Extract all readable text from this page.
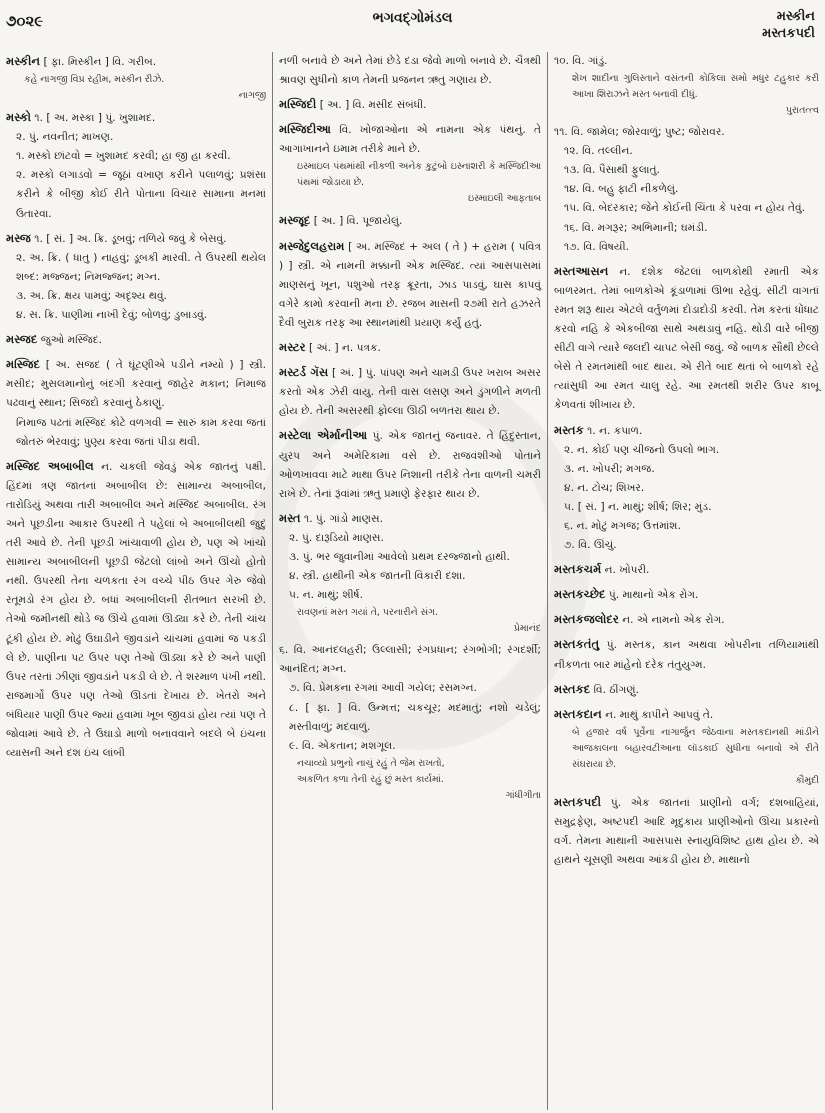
૭૦૨૯	ભગવદ્ગોમંડલ	મસ્કીન
મસ્તકપદી
મસ્કીન [ ફા. મિસ્કીન ] વિ. ગરીબ.
કહે નાગજી વિપ્ર રહીમ, મસ્કીન રીઝે.
નાગજી
મસ્કો ૧. [ અ. મસ્કા ] પું. ખુશામદ.
૨. પું. નવનીત; માખણ.
૧. મસ્કો છાંટવો = ખુશામદ કરવી; હા જી હા કરવી.
૨. મસ્કો લગાડવો = જૂઠાં વખાણ કરીને પલાળવું; પ્રશંસા કરીને કે બીજી કોઈ રીતે પોતાના વિચાર સામાના મનમાં ઉતારવા.
મસ્જ ૧. [ સં. ] અ. ક્રિ. ડૂબવું; તળિયે જવું કે બેસવું.
૨. અ. ક્રિ. ( ધાતુ ) નાહવું; ડૂબકી મારવી. તે ઉપરથી થયેલ શબ્દ: મજ્જન; નિમજ્જન; મગ્ન.
૩. અ. ક્રિ. ક્ષય પામવું; અદૃશ્ય થવું.
૪. સ. ક્રિ. પાણીમાં નાખી દેવું; બોળવું; ડુબાડવું.
મસ્જદ જુઓ મસ્જિદ.
મસ્જિદ [ અ. સજદ ( તે ઘૂંટણીએ પડીને નમ્યો ) ] સ્ત્રી. મસીદ; મુસલમાનોનું બંદગી કરવાનું જાહેર મકાન; નિમાજ પઢવાનું સ્થાન; સિજદો કરવાનું ઠેકાણું.
નિમાજ પઢતાં મસ્જિદ કોટે વળગવી = સારું કામ કરવા જતાં જોતરું ભેરવાવું; પુણ્ય કરવા જતાં પીડા થવી.
મસ્જિદ અબાબીલ ન. ચકલી જેવડું એક જાતનું પક્ષી. હિંદમાં ત્રણ જાતનાં અબાબીલ છે: સામાન્ય અબાબીલ, તારોડિયું અથવા તારી અબાબીલ અને મસ્જિદ અબાબીલ. રંગ અને પૂછડીના આકાર ઉપરથી તે પહેલાં બે અબાબીલથી જુદું તરી આવે છે. તેની પૂછડી ખાંચાવાળી હોય છે, પણ એ ખાંચો સામાન્ય અબાબીલની પૂછડી જેટલો લાંબો અને ઊંચો હોતો નથી. ઉપરથી તેના ચળકતા રંગ વચ્ચે પીઠ ઉપર ગેરુ જેવો રતૂમડો રંગ હોય છે. બધાં અબાબીલની રીતભાત સરખી છે. તેઓ જમીનથી થોડે જ ઊંચે હવામાં ઊડ્યા કરે છે. તેની ચાંચ ટૂંકી હોય છે. મોઢું ઉઘાડીને જીવડાંને ચાંચમાં હવામાં જ પકડી લે છે. પાણીના પટ ઉપર પણ તેઓ ઊડ્યા કરે છે અને પાણી ઉપર તરતાં ઝીણાં જીવડાંને પકડી લે છે. તે શરમાળ પંખી નથી. રાજમાર્ગો ઉપર પણ તેઓ ઊડતાં દેખાય છે. ખેતરો અને બંધિયાર પાણી ઉપર જ્યાં હવામાં ખૂબ જીવડાં હોય ત્યાં પણ તે જોવામાં આવે છે. તે ઉઘાડો માળો બનાવવાને બદલે બે ઇંચના વ્યાસની અને દશ ઇંચ લાંબી
નળી બનાવે છે અને તેમાં છેડે દડા જેવો માળો બનાવે છે. ચૈત્રથી શ્રાવણ સુધીનો કાળ તેમની પ્રજનન ઋતુ ગણાય છે.
મસ્જિદી [ અ. ] વિ. મસીદ સંબંધી.
મસ્જિદીઆ વિ. ખોજાઓના એ નામના એક પંથનું. તે આગાખાનને ઇમામ તરીકે માને છે.
ઇસ્માઇલ પંથમાંથી નીકળી અનેક કુટુંબો ઇસ્નાશરી કે મસ્જિદીઆ પંથમાં જોડાયા છે.
ઇસ્માઇલી આફતાબ
મસ્જૂદ [ અ. ] વિ. પૂજાયેલું.
મસ્જેદુલહરામ [ અ. મસ્જિદ + અલ ( તે ) + હરામ ( પવિત્ર ) ] સ્ત્રી. એ નામની મક્કાની એક મસ્જિદ. ત્યાં આસપાસમાં માણસનું ખૂન, પશુઓ તરફ ક્રૂરતા, ઝાડ પાડવું, ઘાસ કાપવું વગેરે કામો કરવાની મના છે. રજબ માસની ૨૭મી રાતે હઝરતે દૈવી બુરાક તરફ આ સ્થાનમાંથી પ્રયાણ કર્યું હતું.
મસ્ટર [ અં. ] ન. પત્રક.
મસ્ટર્ડ ગૅસ [ અં. ] પું. પાંપણ અને ચામડી ઉપર ખરાબ અસર કરતો એક ઝેરી વાયુ. તેની વાસ લસણ અને ડુંગળીને મળતી હોય છે. તેની અસરથી ફોલ્લા ઊઠી બળતરા થાય છે.
મસ્ટેલા એર્માનીઆ પું. એક જાતનું જનાવર. તે હિંદુસ્તાન, યુરપ અને અમેરિકામાં વસે છે. રાજવંશીઓ પોતાને ઓળખાવવા માટે માથા ઉપર નિશાની તરીકે તેના વાળની ચમરી રાખે છે. તેનાં રૂંવાંમાં ઋતુ પ્રમાણે ફેરફાર થાય છે.
મસ્ત ૧. પું. ગાંડો માણસ.
૨. પું. દારૂડિયો માણસ.
૩. પું. ભર જુવાનીમાં આવેલો પ્રથમ દરજ્જાનો હાથી.
૪. સ્ત્રી. હાથીની એક જાતની વિકારી દશા.
૫. ન. માથું; શીર્ષ.
રાવણનાં મસ્ત ગયાં તે, પરનારીને સંગ.
પ્રેમાનંદ
૬. વિ. આનંદલહરી; ઉલ્લાસી; રંગપ્રધાન; રંગભોગી; રંગદર્શી; આનંદિત; મગ્ન.
૭. વિ. પ્રેમકના રંગમાં આવી ગયેલ; રસમગ્ન.
૮. [ ફા. ] વિ. ઉન્મત્ત; ચકચૂર; મદમાતું; નશો ચડેલું; મસ્તીવાળું; મદવાળું.
૯. વિ. એકતાન; મશગૂલ.
નચાવ્યો પ્રભુનો નાચું રહું તે જેમ રાખતો,
અકળિત કળા તેની રહું છું મસ્ત કાર્યમાં.
ગાંધીગીતા
૧૦. વિ. ગાંડું.
શેખ શાદીના ગુલિસ્તાને વસંતની કોકિલા સમો મધુર ટહુકાર કરી આખા શિરાઝને મસ્ત બનાવી દીધું.
પુરાતત્ત્વ
૧૧. વિ. જામેલ; જોરવાળું; પુષ્ટ; જોરાવર.
૧૨. વિ. તલ્લીન.
૧૩. વિ. પૈસાથી ફુલાતું.
૧૪. વિ. બહુ ફાટી નીકળેલું.
૧૫. વિ. બેદરકાર; જેને કોઈની ચિંતા કે પરવા ન હોય તેવું.
૧૬. વિ. મગરૂર; અભિમાની; ઘમંડી.
૧૭. વિ. વિષયી.
મસ્તઆસન ન. દશેક જેટલાં બાળકોથી રમાતી એક બાળરમત. તેમાં બાળકોએ કૂંડાળામાં ઊભા રહેવું. સીટી વાગતાં રમત શરૂ થાય એટલે વર્તુળમાં દોડાદોડી કરવી. તેમ કરતાં ધોંધાટ કરવો નહિ કે એકબીજા સાથે અથડાવું નહિ. થોડી વારે બીજી સીટી વાગે ત્યારે જલદી ચાપટ બેસી જવું. જે બાળક સૌથી છેલ્લે બેસે તે રમતમાંથી બાદ થાય. એ રીતે બાદ થતાં બે બાળકો રહે ત્યાંસુધી આ રમત ચાલુ રહે. આ રમતથી શરીર ઉપર કાબૂ કેળવતાં શીખાય છે.
મસ્તક ૧. ન. કપાળ.
૨. ન. કોઈ પણ ચીજનો ઉપલો ભાગ.
૩. ન. ખોપરી; મગજ.
૪. ન. ટોચ; શિખર.
૫. [ સં. ] ન. માથું; શીર્ષ; શિર; મુંડ.
૬. ન. મોટું મગજ; ઉત્તમાંશ.
૭. વિ. ઊંચું.
મસ્તકચર્મ ન. ખોપરી.
મસ્તકચ્છેદ પું. માથાનો એક રોગ.
મસ્તકજલોદર ન. એ નામનો એક રોગ.
મસ્તકતંતુ પું. મસ્તક, કાન અથવા ખોપરીના તળિયામાંથી નીકળતા બાર માંહેનો દરેક તંતુયુગ્મ.
મસ્તકદ વિ. ઠીંગણું.
મસ્તકદાન ન. માથું કાપીને આપવું તે.
બે હજાર વર્ષ પૂર્વેના નાગાર્જુન જેઠવાના મસ્તકદાનથી માંડીને આજકાલના બહારવટીઆના લૉડકાઈ સુધીના બનાવો એ રીતે સંઘરાયા છે.
કૌમુદી
મસ્તકપદી પું. એક જાતનાં પ્રાણીનો વર્ગ; દશબાહિયાં, સમુદ્રફેણ, અષ્ટપદી આદિ મૃદુકાય પ્રાણીઓનો ઊંચા પ્રકારનો વર્ગ. તેમના માથાની આસપાસ સ્નાયુવિશિષ્ટ હાથ હોય છે. એ હાથને ચૂસણી અથવા આંકડી હોય છે. માથાનો
